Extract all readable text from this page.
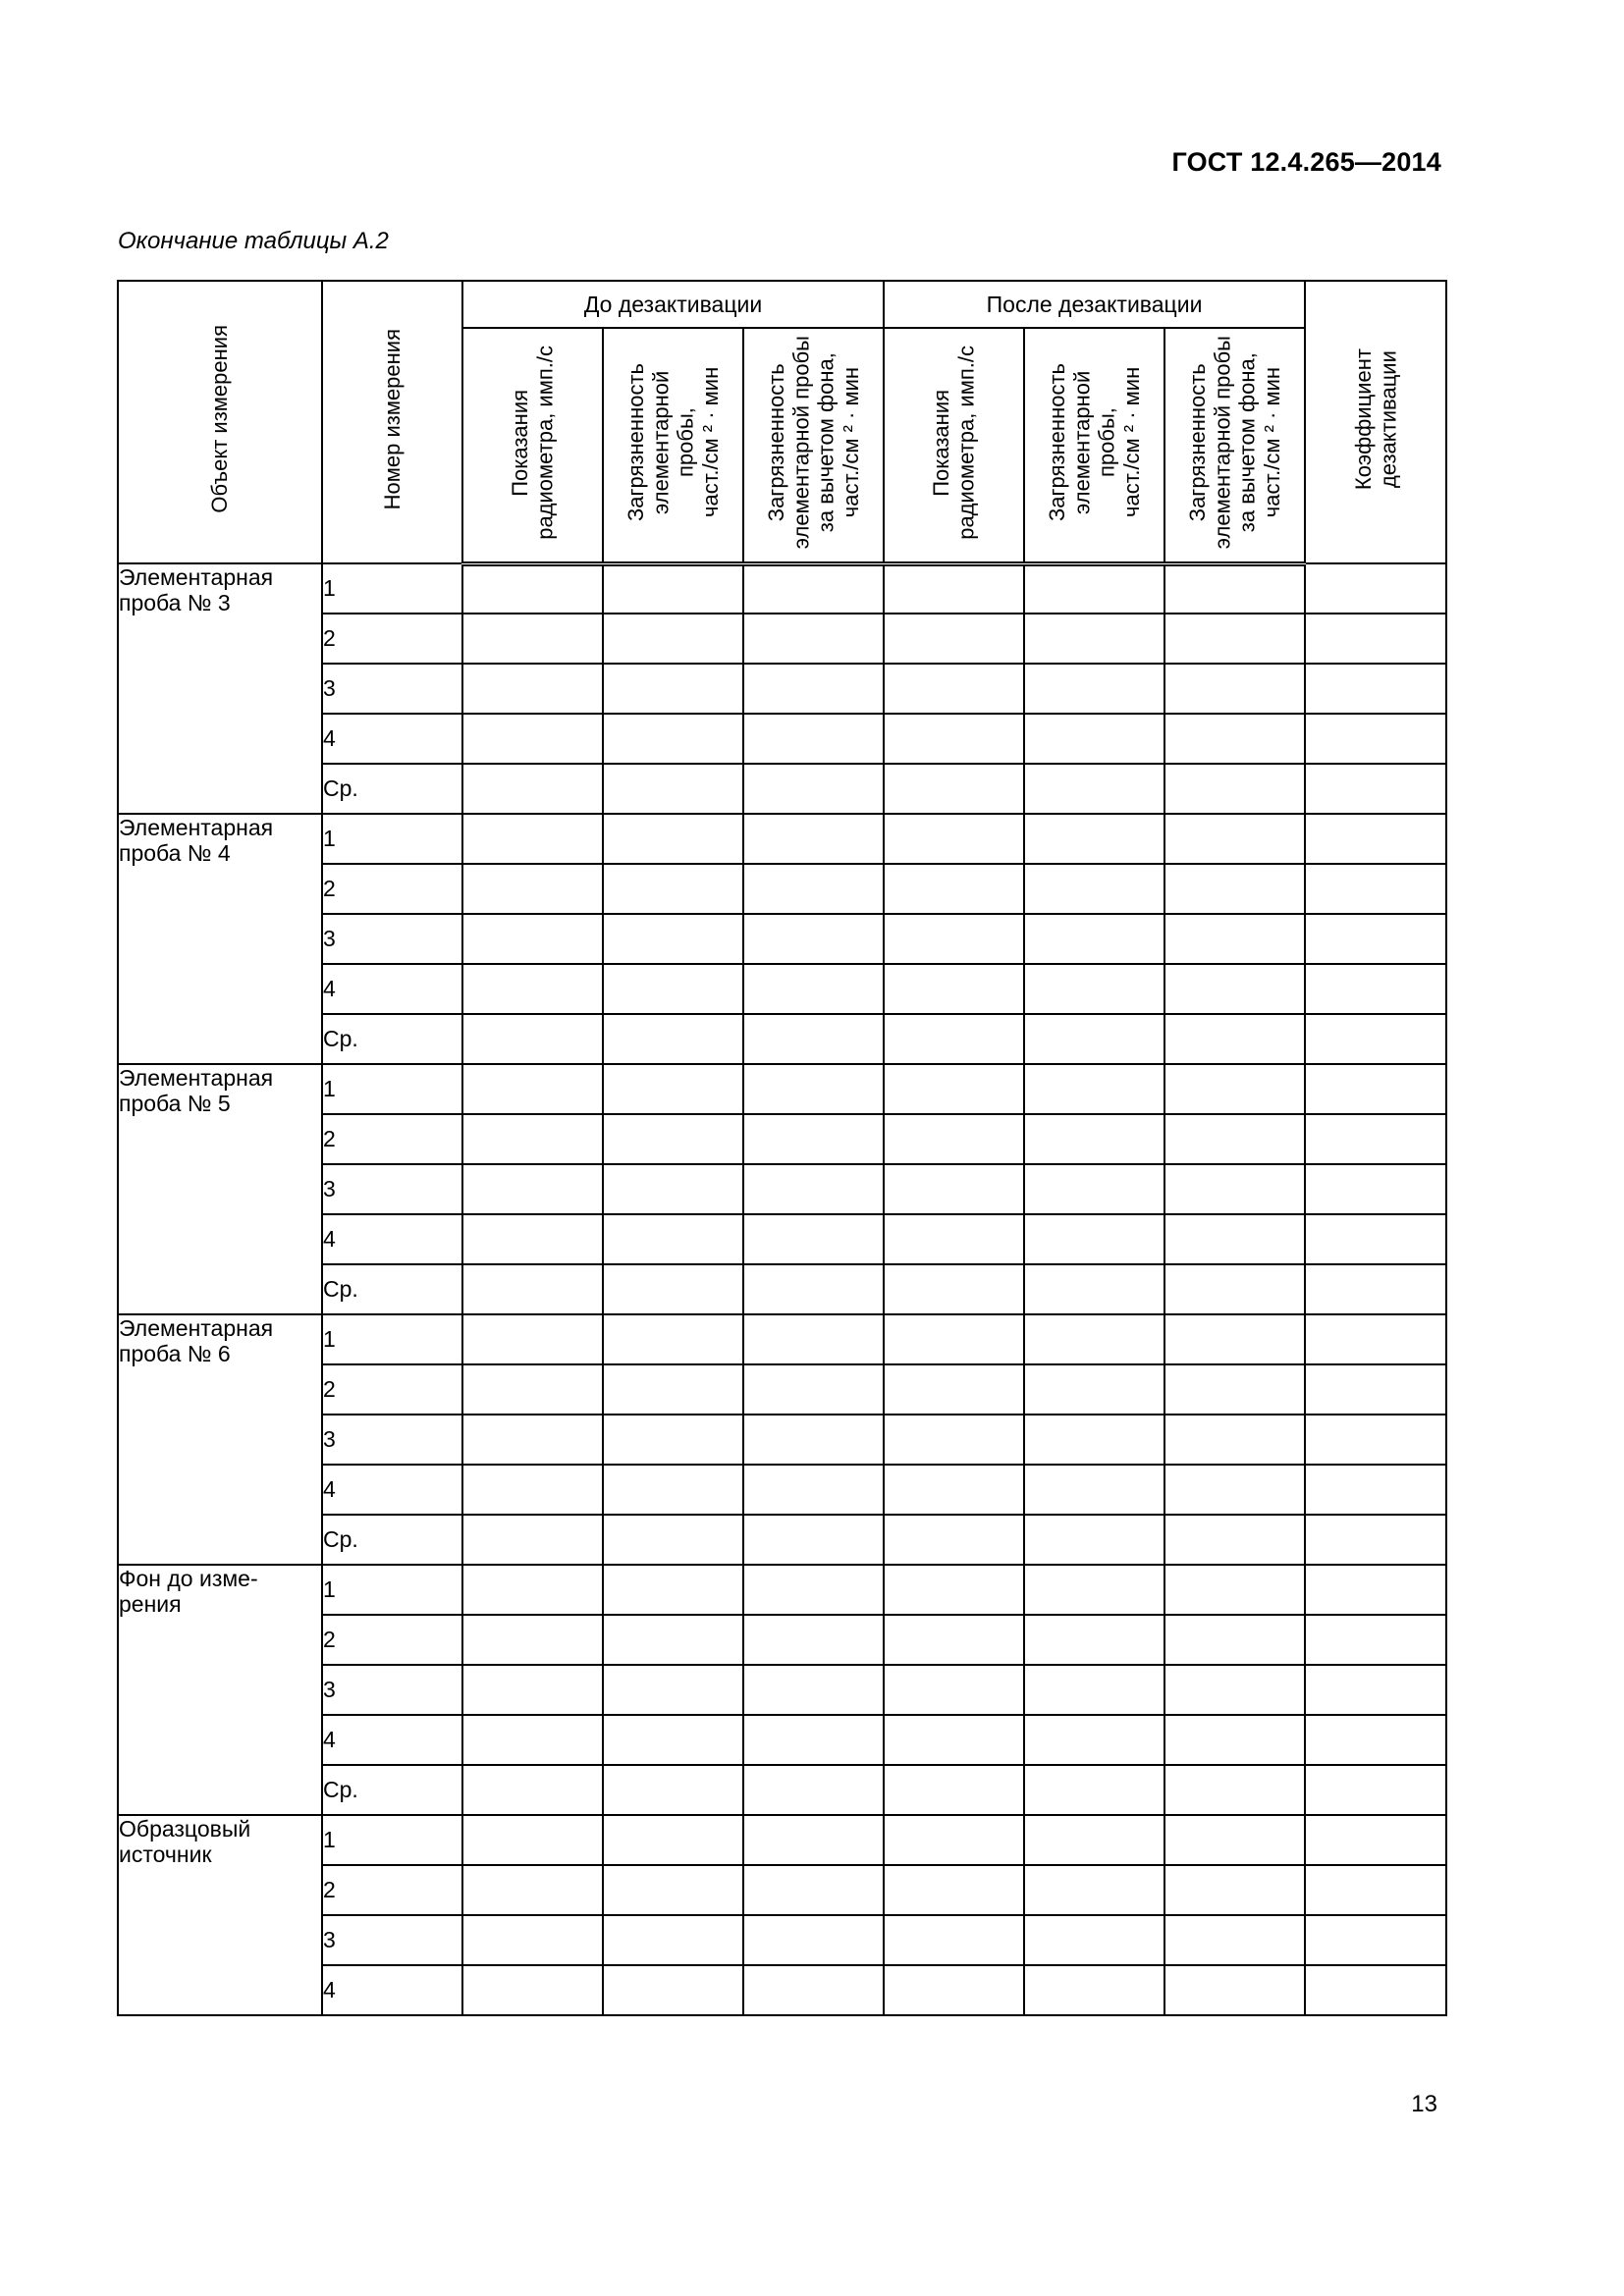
ГОСТ 12.4.265—2014
Окончание таблицы А.2
Объект измерения	Номер измерения	До дезактивации			После дезактивации			Коэффициент
дезактивации
		Показания
радиометра, имп./с	Загрязненность
элементарной
пробы,
част./см ² · мин	Загрязненность
элементарной пробы
за вычетом фона,
част./см ² · мин	Показания
радиометра, имп./с	Загрязненность
элементарной
пробы,
част./см ² · мин	Загрязненность
элементарной пробы
за вычетом фона,
част./см ² · мин	
Элементарная
проба № 3	1							
	2							
	3							
	4							
	Ср.							
Элементарная
проба № 4	1							
	2							
	3							
	4							
	Ср.							
Элементарная
проба № 5	1							
	2							
	3							
	4							
	Ср.							
Элементарная
проба № 6	1							
	2							
	3							
	4							
	Ср.							
Фон до изме-
рения	1							
	2							
	3							
	4							
	Ср.							
Образцовый
источник	1							
	2							
	3							
	4							
13
